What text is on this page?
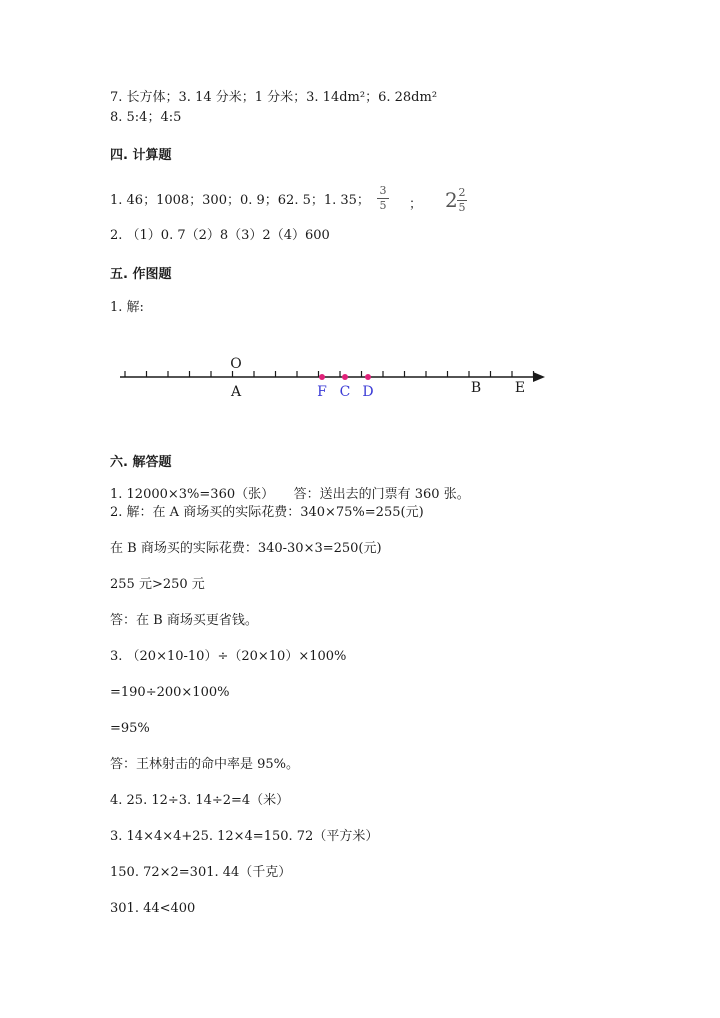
7. 长方体；3. 14 分米；1 分米；3. 14dm²；6. 28dm²
8. 5:4；4:5
四. 计算题
1. 46；1008；300；0. 9；62. 5；1. 35；
3
5 ； 2 2
5
2. （1）0. 7（2）8（3）2（4）600
五. 作图题
1. 解:
O
A	F C D	B E
六. 解答题
1. 12000×3%=360（张）　　答：送出去的门票有 360 张。
2. 解：在 A 商场买的实际花费：340×75%=255(元)
在 B 商场买的实际花费：340-30×3=250(元)
255 元>250 元
答：在 B 商场买更省钱。
3. （20×10-10）÷（20×10）×100%
=190÷200×100%
=95%
答：王林射击的命中率是 95%。
4. 25. 12÷3. 14÷2=4（米）
3. 14×4×4+25. 12×4=150. 72（平方米）
150. 72×2=301. 44（千克）
301. 44<400
